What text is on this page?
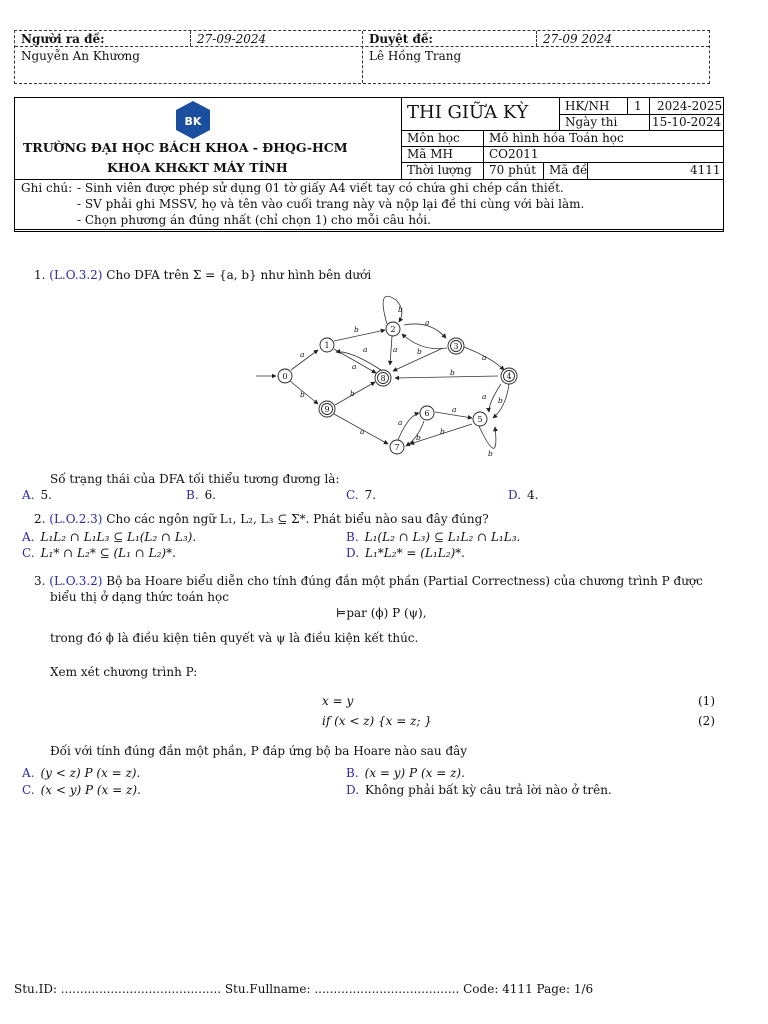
Người ra đề:	27-09-2024
Nguyễn An Khương
Duyệt đề:	27-09 2024
Lê Hồng Trang
BK
TRƯỜNG ĐẠI HỌC BÁCH KHOA - ĐHQG-HCM
KHOA KH&KT MÁY TÍNH
THI GIỮA KỲ	HK/NH 1 2024-2025
Ngày thi	15-10-2024
Môn học Mô hình hóa Toán học
Mã MH	CO2011
Thời lượng 70 phút Mã đề	4111
Ghi chú: - Sinh viên được phép sử dụng 01 tờ giấy A4 viết tay có chứa ghi chép cần thiết.
- SV phải ghi MSSV, họ và tên vào cuối trang này và nộp lại đề thi cùng với bài làm.
- Chọn phương án đúng nhất (chỉ chọn 1) cho mỗi câu hỏi.
1. (L.O.3.2) Cho DFA trên Σ = {a, b} như hình bên dưới
0
1
2
3
4
5
6
7
8
9
a
b
b
a
a
b
a
b
a
a
b
a
b
a b
a
b
a
b
b
Số trạng thái của DFA tối thiểu tương đương là:
A. 5.	B. 6.	C. 7.	D. 4.
2. (L.O.2.3) Cho các ngôn ngữ L₁, L₂, L₃ ⊆ Σ*. Phát biểu nào sau đây đúng?
A. L₁L₂ ∩ L₁L₃ ⊆ L₁(L₂ ∩ L₃).	B. L₁(L₂ ∩ L₃) ⊆ L₁L₂ ∩ L₁L₃.
C. L₁* ∩ L₂* ⊆ (L₁ ∩ L₂)*.	D. L₁*L₂* = (L₁L₂)*.
3. (L.O.3.2) Bộ ba Hoare biểu diễn cho tính đúng đắn một phần (Partial Correctness) của chương trình P được
biểu thị ở dạng thức toán học
⊨par (ϕ) P (ψ),
trong đó ϕ là điều kiện tiên quyết và ψ là điều kiện kết thúc.
Xem xét chương trình P:
x = y	(1)
if (x < z) {x = z; }	(2)
Đối với tính đúng đắn một phần, P đáp ứng bộ ba Hoare nào sau đây
A. (y < z) P (x = z).	B. (x = y) P (x = z).
C. (x < y) P (x = z).	D. Không phải bất kỳ câu trả lời nào ở trên.
Stu.ID: .......................................... Stu.Fullname: ...................................... Code: 4111 Page: 1/6
